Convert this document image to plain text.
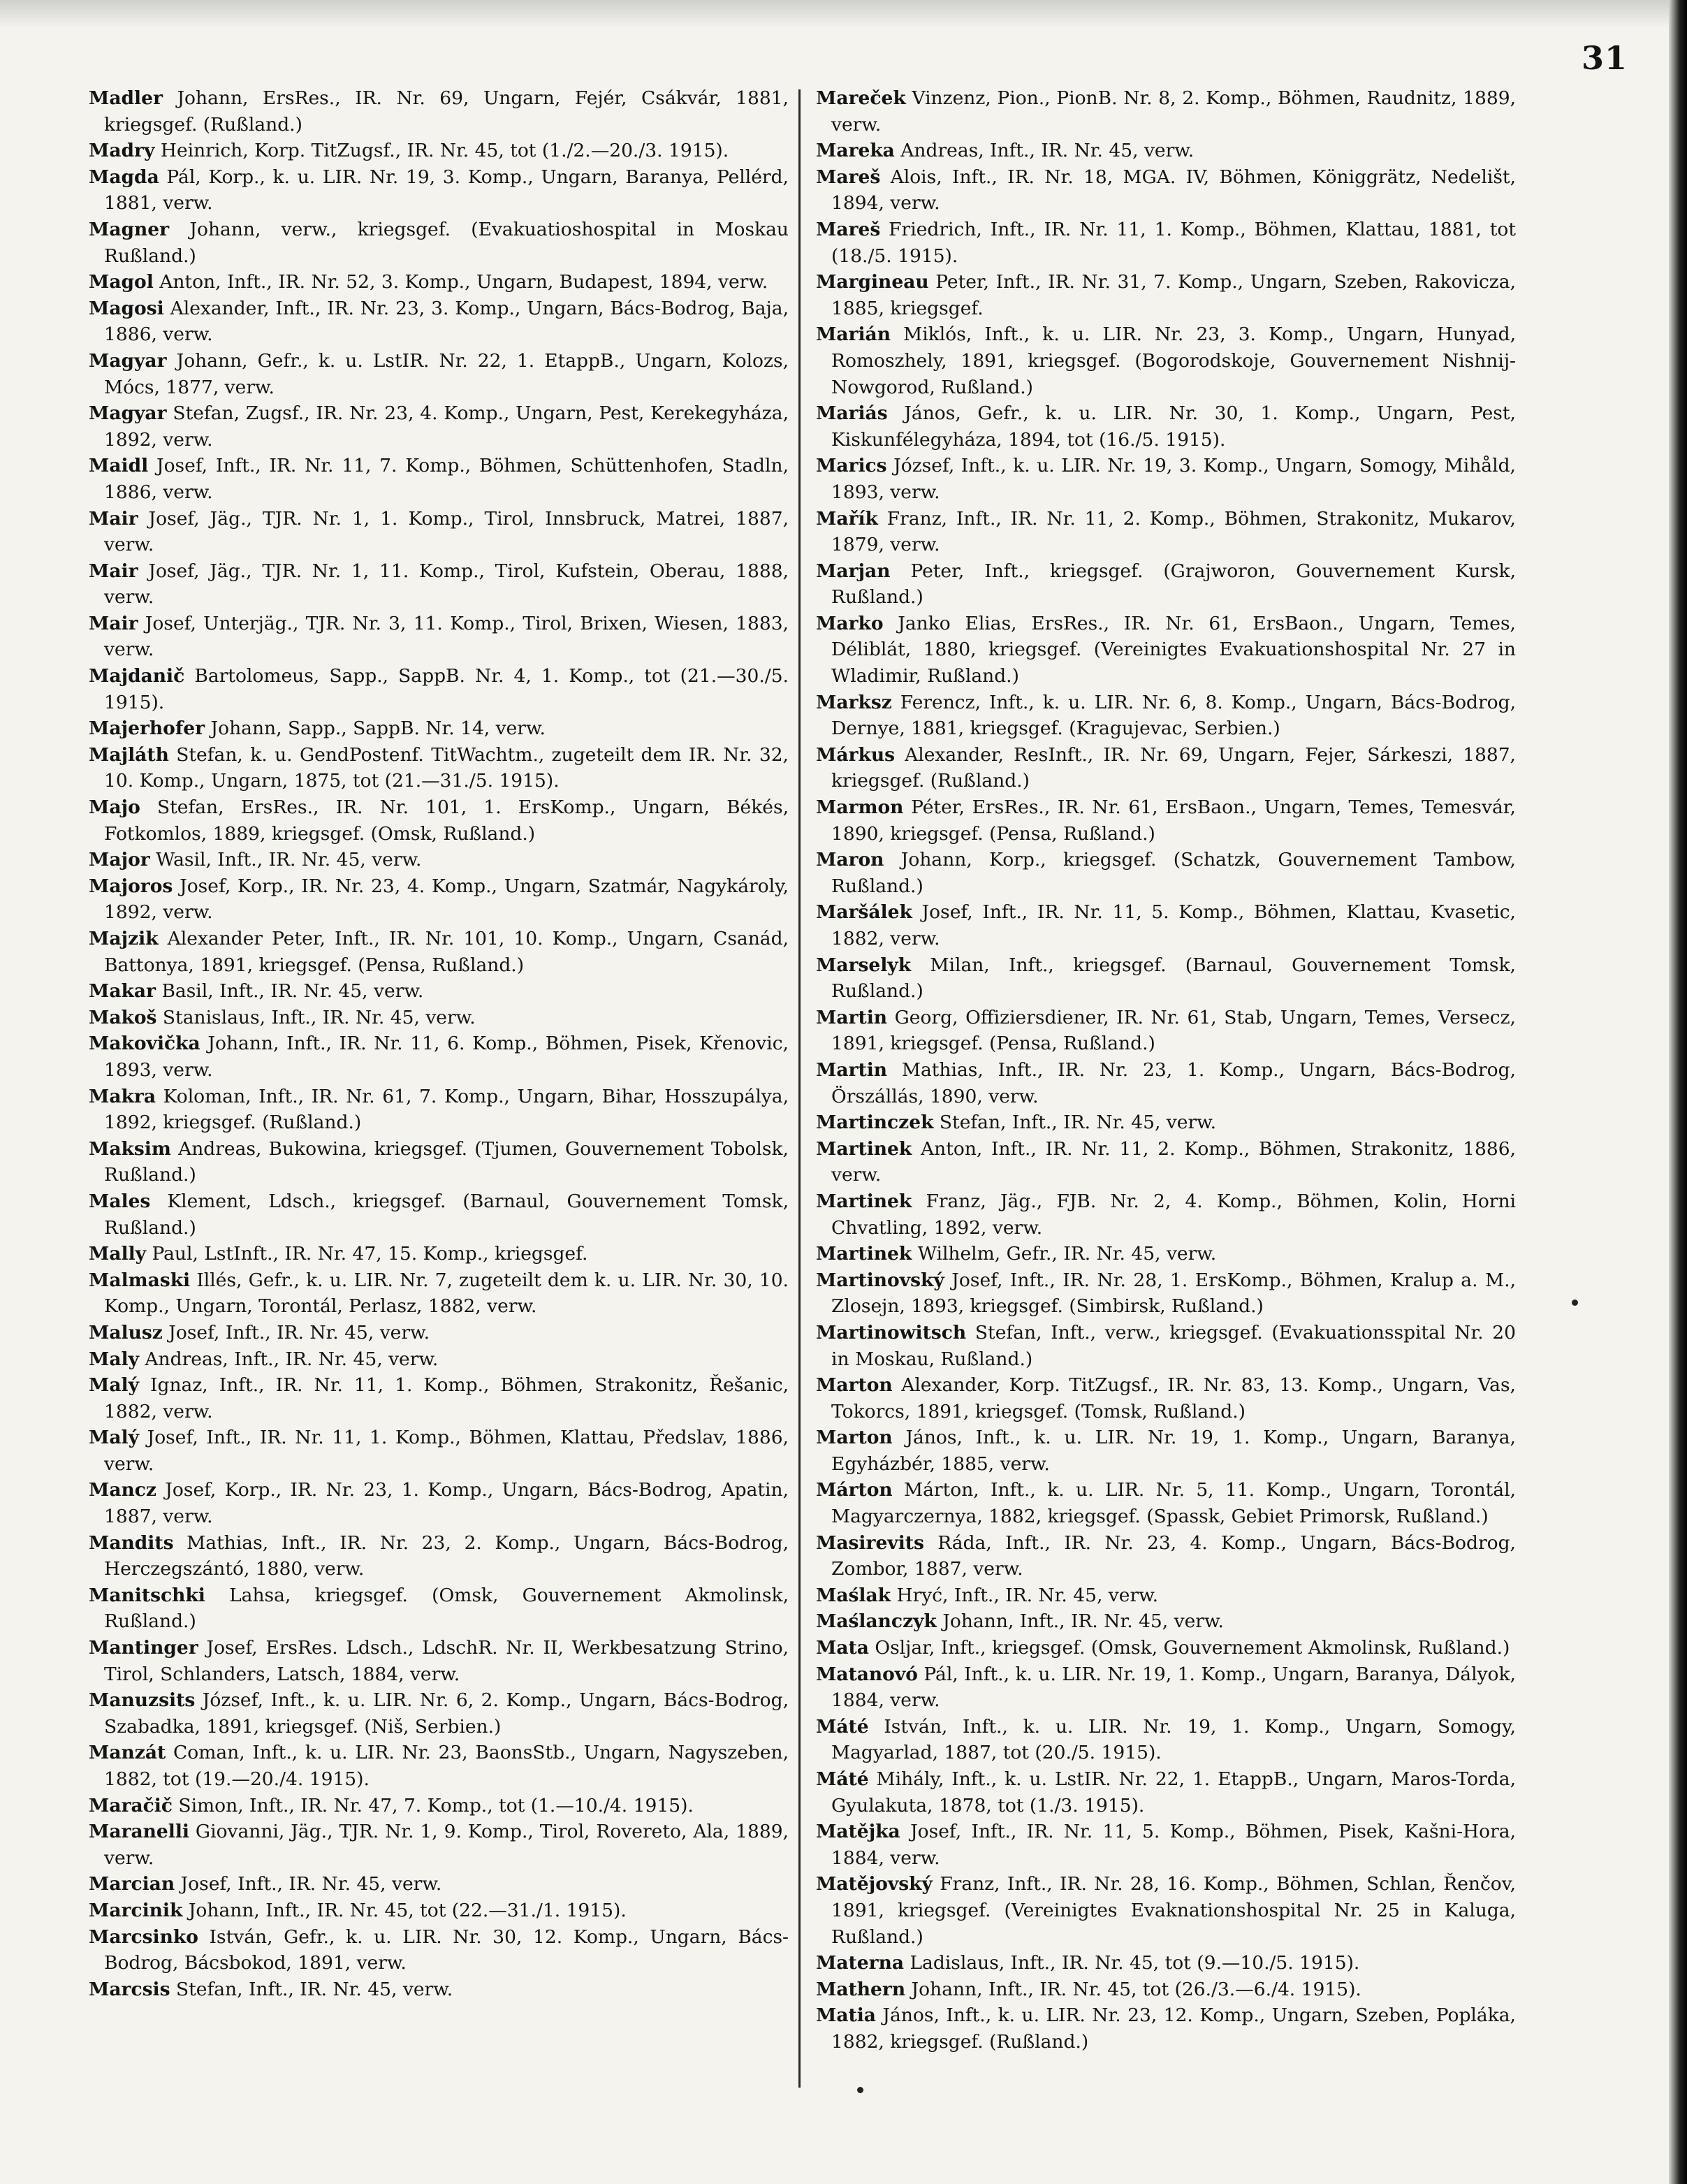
31

Madler Johann, ErsRes., IR. Nr. 69, Ungarn, Fejér, Csákvár, 1881, kriegsgef. (Rußland.)

Madry Heinrich, Korp. TitZugsf., IR. Nr. 45, tot (1./2.—20./3. 1915).

Magda Pál, Korp., k. u. LIR. Nr. 19, 3. Komp., Ungarn, Baranya, Pellérd, 1881, verw.

Magner Johann, verw., kriegsgef. (Evakuatioshospital in Moskau Rußland.)

Magol Anton, Inft., IR. Nr. 52, 3. Komp., Ungarn, Budapest, 1894, verw.

Magosi Alexander, Inft., IR. Nr. 23, 3. Komp., Ungarn, Bács-Bodrog, Baja, 1886, verw.

Magyar Johann, Gefr., k. u. LstIR. Nr. 22, 1. EtappB., Ungarn, Kolozs, Mócs, 1877, verw.

Magyar Stefan, Zugsf., IR. Nr. 23, 4. Komp., Ungarn, Pest, Kerekegyháza, 1892, verw.

Maidl Josef, Inft., IR. Nr. 11, 7. Komp., Böhmen, Schüttenhofen, Stadln, 1886, verw.

Mair Josef, Jäg., TJR. Nr. 1, 1. Komp., Tirol, Innsbruck, Matrei, 1887, verw.

Mair Josef, Jäg., TJR. Nr. 1, 11. Komp., Tirol, Kufstein, Oberau, 1888, verw.

Mair Josef, Unterjäg., TJR. Nr. 3, 11. Komp., Tirol, Brixen, Wiesen, 1883, verw.

Majdanič Bartolomeus, Sapp., SappB. Nr. 4, 1. Komp., tot (21.—30./5. 1915).

Majerhofer Johann, Sapp., SappB. Nr. 14, verw.

Majláth Stefan, k. u. GendPostenf. TitWachtm., zugeteilt dem IR. Nr. 32, 10. Komp., Ungarn, 1875, tot (21.—31./5. 1915).

Majo Stefan, ErsRes., IR. Nr. 101, 1. ErsKomp., Ungarn, Békés, Fotkomlos, 1889, kriegsgef. (Omsk, Rußland.)

Major Wasil, Inft., IR. Nr. 45, verw.

Majoros Josef, Korp., IR. Nr. 23, 4. Komp., Ungarn, Szatmár, Nagykároly, 1892, verw.

Majzik Alexander Peter, Inft., IR. Nr. 101, 10. Komp., Ungarn, Csanád, Battonya, 1891, kriegsgef. (Pensa, Rußland.)

Makar Basil, Inft., IR. Nr. 45, verw.

Makoš Stanislaus, Inft., IR. Nr. 45, verw.

Makovička Johann, Inft., IR. Nr. 11, 6. Komp., Böhmen, Pisek, Křenovic, 1893, verw.

Makra Koloman, Inft., IR. Nr. 61, 7. Komp., Ungarn, Bihar, Hosszupályа, 1892, kriegsgef. (Rußland.)

Maksim Andreas, Bukowina, kriegsgef. (Tjumen, Gouvernement Tobolsk, Rußland.)

Males Klement, Ldsch., kriegsgef. (Barnaul, Gouvernement Tomsk, Rußland.)

Mally Paul, LstInft., IR. Nr. 47, 15. Komp., kriegsgef.

Malmaski Illés, Gefr., k. u. LIR. Nr. 7, zugeteilt dem k. u. LIR. Nr. 30, 10. Komp., Ungarn, Torontál, Perlasz, 1882, verw.

Malusz Josef, Inft., IR. Nr. 45, verw.

Maly Andreas, Inft., IR. Nr. 45, verw.

Malý Ignaz, Inft., IR. Nr. 11, 1. Komp., Böhmen, Strakonitz, Řešanic, 1882, verw.

Malý Josef, Inft., IR. Nr. 11, 1. Komp., Böhmen, Klattau, Předslav, 1886, verw.

Mancz Josef, Korp., IR. Nr. 23, 1. Komp., Ungarn, Bács-Bodrog, Apatin, 1887, verw.

Mandits Mathias, Inft., IR. Nr. 23, 2. Komp., Ungarn, Bács-Bodrog, Herczegszántó, 1880, verw.

Manitschki Lahsa, kriegsgef. (Omsk, Gouvernement Akmolinsk, Rußland.)

Mantinger Josef, ErsRes. Ldsch., LdschR. Nr. II, Werkbesatzung Strino, Tirol, Schlanders, Latsch, 1884, verw.

Manuzsits József, Inft., k. u. LIR. Nr. 6, 2. Komp., Ungarn, Bács-Bodrog, Szabadka, 1891, kriegsgef. (Niš, Serbien.)

Manzát Coman, Inft., k. u. LIR. Nr. 23, BaonsStb., Ungarn, Nagyszeben, 1882, tot (19.—20./4. 1915).

Maračič Simon, Inft., IR. Nr. 47, 7. Komp., tot (1.—10./4. 1915).

Maranelli Giovanni, Jäg., TJR. Nr. 1, 9. Komp., Tirol, Rovereto, Ala, 1889, verw.

Marcian Josef, Inft., IR. Nr. 45, verw.

Marcinik Johann, Inft., IR. Nr. 45, tot (22.—31./1. 1915).

Marcsinko István, Gefr., k. u. LIR. Nr. 30, 12. Komp., Ungarn, Bács-Bodrog, Bácsbokod, 1891, verw.

Marcsis Stefan, Inft., IR. Nr. 45, verw.

Mareček Vinzenz, Pion., PionB. Nr. 8, 2. Komp., Böhmen, Raudnitz, 1889, verw.

Mareka Andreas, Inft., IR. Nr. 45, verw.

Mareš Alois, Inft., IR. Nr. 18, MGA. IV, Böhmen, Königgrätz, Nedelišt, 1894, verw.

Mareš Friedrich, Inft., IR. Nr. 11, 1. Komp., Böhmen, Klattau, 1881, tot (18./5. 1915).

Margineau Peter, Inft., IR. Nr. 31, 7. Komp., Ungarn, Szeben, Rakovicza, 1885, kriegsgef.

Marián Miklós, Inft., k. u. LIR. Nr. 23, 3. Komp., Ungarn, Hunyad, Romoszhely, 1891, kriegsgef. (Bogorodskoje, Gouvernement Nishnij-Nowgorod, Rußland.)

Mariás János, Gefr., k. u. LIR. Nr. 30, 1. Komp., Ungarn, Pest, Kiskunfélegyháza, 1894, tot (16./5. 1915).

Marics József, Inft., k. u. LIR. Nr. 19, 3. Komp., Ungarn, Somogy, Mihåld, 1893, verw.

Mařík Franz, Inft., IR. Nr. 11, 2. Komp., Böhmen, Strakonitz, Mukarov, 1879, verw.

Marjan Peter, Inft., kriegsgef. (Grajworon, Gouvernement Kursk, Rußland.)

Marko Janko Elias, ErsRes., IR. Nr. 61, ErsBaon., Ungarn, Temes, Déliblát, 1880, kriegsgef. (Vereinigtes Evakuationshospital Nr. 27 in Wladimir, Rußland.)

Marksz Ferencz, Inft., k. u. LIR. Nr. 6, 8. Komp., Ungarn, Bács-Bodrog, Dernye, 1881, kriegsgef. (Kragujevac, Serbien.)

Márkus Alexander, ResInft., IR. Nr. 69, Ungarn, Fejer, Sárkeszi, 1887, kriegsgef. (Rußland.)

Marmon Péter, ErsRes., IR. Nr. 61, ErsBaon., Ungarn, Temes, Temesvár, 1890, kriegsgef. (Pensa, Rußland.)

Maron Johann, Korp., kriegsgef. (Schatzk, Gouvernement Tambow, Rußland.)

Maršálek Josef, Inft., IR. Nr. 11, 5. Komp., Böhmen, Klattau, Kvasetic, 1882, verw.

Marselyk Milan, Inft., kriegsgef. (Barnaul, Gouvernement Tomsk, Rußland.)

Martin Georg, Offiziersdiener, IR. Nr. 61, Stab, Ungarn, Temes, Versecz, 1891, kriegsgef. (Pensa, Rußland.)

Martin Mathias, Inft., IR. Nr. 23, 1. Komp., Ungarn, Bács-Bodrog, Örszállás, 1890, verw.

Martinczek Stefan, Inft., IR. Nr. 45, verw.

Martinek Anton, Inft., IR. Nr. 11, 2. Komp., Böhmen, Strakonitz, 1886, verw.

Martinek Franz, Jäg., FJB. Nr. 2, 4. Komp., Böhmen, Kolin, Horni Chvatling, 1892, verw.

Martinek Wilhelm, Gefr., IR. Nr. 45, verw.

Martinovský Josef, Inft., IR. Nr. 28, 1. ErsKomp., Böhmen, Kralup a. M., Zlosejn, 1893, kriegsgef. (Simbirsk, Rußland.)

Martinowitsch Stefan, Inft., verw., kriegsgef. (Evakuationsspital Nr. 20 in Moskau, Rußland.)

Marton Alexander, Korp. TitZugsf., IR. Nr. 83, 13. Komp., Ungarn, Vas, Tokorcs, 1891, kriegsgef. (Tomsk, Rußland.)

Marton János, Inft., k. u. LIR. Nr. 19, 1. Komp., Ungarn, Baranya, Egyházbér, 1885, verw.

Márton Márton, Inft., k. u. LIR. Nr. 5, 11. Komp., Ungarn, Torontál, Magyarczernya, 1882, kriegsgef. (Spassk, Gebiet Primorsk, Rußland.)

Masirevits Ráda, Inft., IR. Nr. 23, 4. Komp., Ungarn, Bács-Bodrog, Zombor, 1887, verw.

Maślak Hryć, Inft., IR. Nr. 45, verw.

Maślanczyk Johann, Inft., IR. Nr. 45, verw.

Mata Osljar, Inft., kriegsgef. (Omsk, Gouvernement Akmolinsk, Rußland.)

Matanovó Pál, Inft., k. u. LIR. Nr. 19, 1. Komp., Ungarn, Baranya, Dályok, 1884, verw.

Máté István, Inft., k. u. LIR. Nr. 19, 1. Komp., Ungarn, Somogy, Magyarlad, 1887, tot (20./5. 1915).

Máté Mihály, Inft., k. u. LstIR. Nr. 22, 1. EtappB., Ungarn, Maros-Torda, Gyulakuta, 1878, tot (1./3. 1915).

Matějka Josef, Inft., IR. Nr. 11, 5. Komp., Böhmen, Pisek, Kašni-Hora, 1884, verw.

Matějovský Franz, Inft., IR. Nr. 28, 16. Komp., Böhmen, Schlan, Řenčov, 1891, kriegsgef. (Vereinigtes Evaknationshospital Nr. 25 in Kaluga, Rußland.)

Materna Ladislaus, Inft., IR. Nr. 45, tot (9.—10./5. 1915).

Mathern Johann, Inft., IR. Nr. 45, tot (26./3.—6./4. 1915).

Matia János, Inft., k. u. LIR. Nr. 23, 12. Komp., Ungarn, Szeben, Popláka, 1882, kriegsgef. (Rußland.)
